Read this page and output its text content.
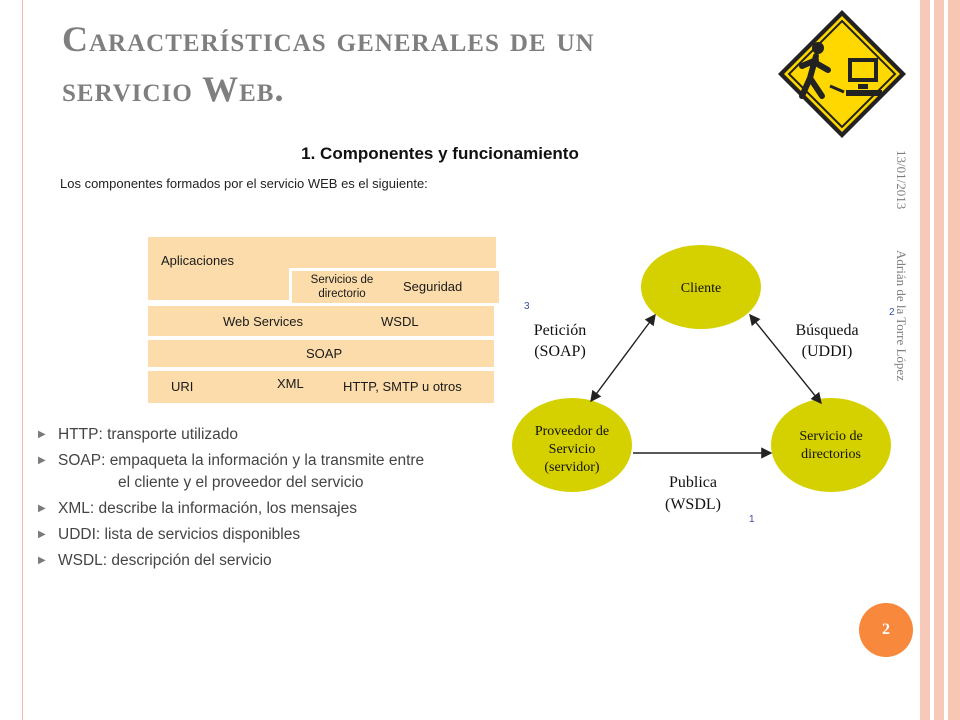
Características generales de un
servicio Web.
1. Componentes y funcionamiento
Los componentes formados por el servicio WEB es el siguiente:
Aplicaciones
Servicios de
directorio	Seguridad
Web Services	WSDL
SOAP
URI	XML	HTTP, SMTP u otros
▶ HTTP: transporte utilizado
▶ SOAP: empaqueta la información y la transmite entre
el cliente y el proveedor del servicio
▶ XML: describe la información, los mensajes
▶ UDDI: lista de servicios disponibles
▶ WSDL: descripción del servicio
Cliente
Proveedor de
Servicio
(servidor)
Servicio de
directorios
Petición
(SOAP)
Búsqueda
(UDDI)
Publica
(WSDL)
3
2
1
13/01/2013
Adrián de la Torre López
2
